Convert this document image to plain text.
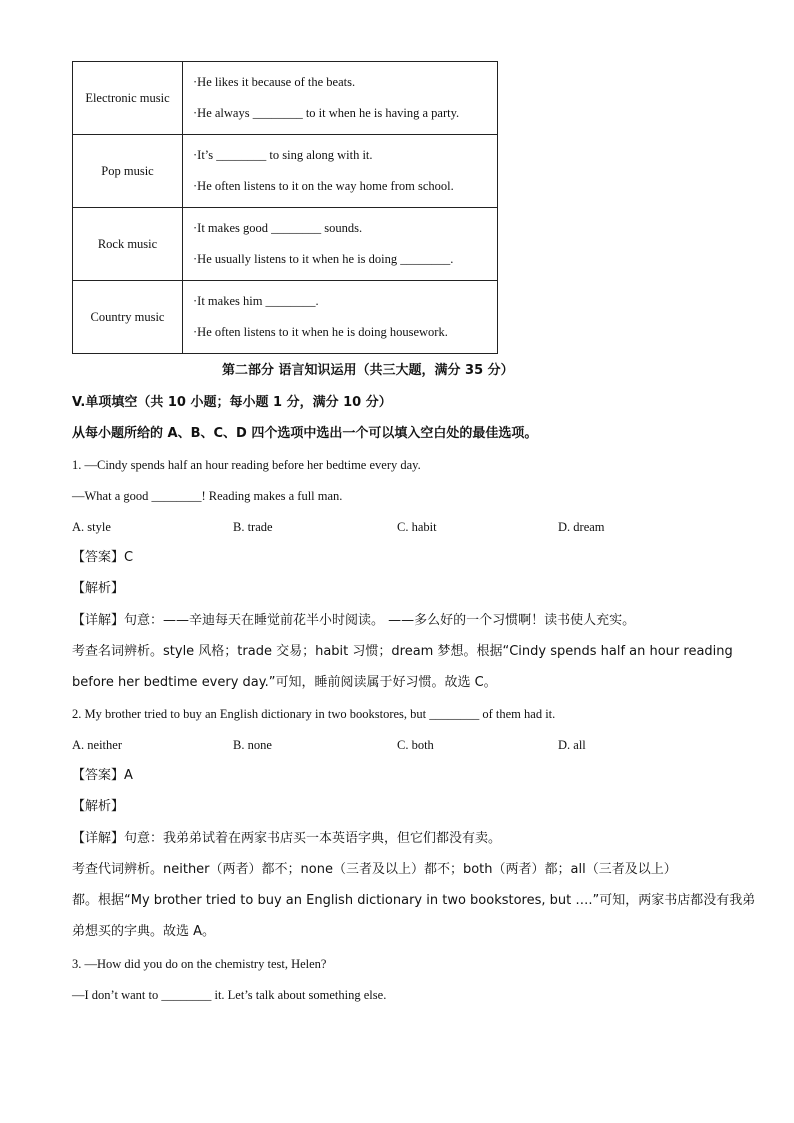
Electronic music	·He likes it because of the beats.
·He always ________ to it when he is having a party.

Pop music	·It’s ________ to sing along with it.
·He often listens to it on the way home from school.

Rock music	·It makes good ________ sounds.
·He usually listens to it when he is doing ________.

Country music	·It makes him ________.
·He often listens to it when he is doing housework.
第二部分 语言知识运用（共三大题，满分 35 分）
V.单项填空（共 10 小题；每小题 1 分，满分 10 分）
从每小题所给的 A、B、C、D 四个选项中选出一个可以填入空白处的最佳选项。
1. —Cindy spends half an hour reading before her bedtime every day.
—What a good ________! Reading makes a full man.
A. style	B. trade	C. habit	D. dream
【答案】C
【解析】
【详解】句意：——辛迪每天在睡觉前花半小时阅读。 ——多么好的一个习惯啊！读书使人充实。
考查名词辨析。style 风格；trade 交易；habit 习惯；dream 梦想。根据“Cindy spends half an hour reading
before her bedtime every day.”可知，睡前阅读属于好习惯。故选 C。
2. My brother tried to buy an English dictionary in two bookstores, but ________ of them had it.
A. neither	B. none	C. both	D. all
【答案】A
【解析】
【详解】句意：我弟弟试着在两家书店买一本英语字典，但它们都没有卖。
考查代词辨析。neither（两者）都不；none（三者及以上）都不；both（两者）都；all（三者及以上）
都。根据“My brother tried to buy an English dictionary in two bookstores, but ….”可知，两家书店都没有我弟
弟想买的字典。故选 A。
3. —How did you do on the chemistry test, Helen?
—I don’t want to ________ it. Let’s talk about something else.
